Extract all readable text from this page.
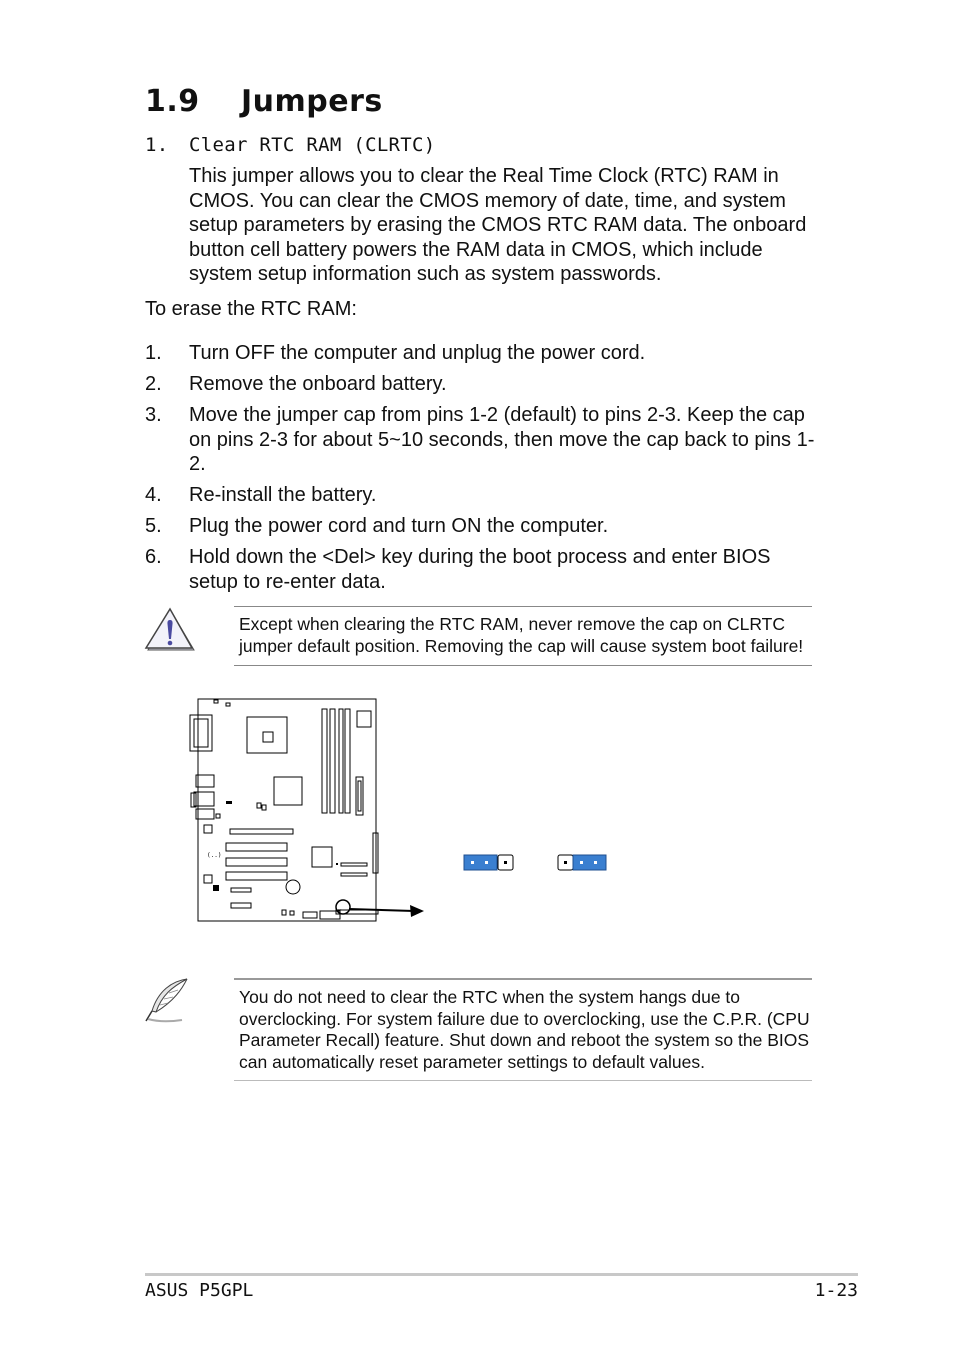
1.9 Jumpers
1. Clear RTC RAM (CLRTC)
This jumper allows you to clear the Real Time Clock (RTC) RAM in CMOS. You can clear the CMOS memory of date, time, and system setup parameters by erasing the CMOS RTC RAM data. The onboard button cell battery powers the RAM data in CMOS, which include system setup information such as system passwords.
To erase the RTC RAM:
1.	Turn OFF the computer and unplug the power cord.
2.	Remove the onboard battery.
3.	Move the jumper cap from pins 1-2 (default) to pins 2-3. Keep the cap on pins 2-3 for about 5~10 seconds, then move the cap back to pins 1-2.
4.	Re-install the battery.
5.	Plug the power cord and turn ON the computer.
6.	Hold down the <Del> key during the boot process and enter BIOS setup to re-enter data.
Except when clearing the RTC RAM, never remove the cap on CLRTC jumper default position. Removing the cap will cause system boot failure!
(..)
..
You do not need to clear the RTC when the system hangs due to overclocking. For system failure due to overclocking, use the C.P.R. (CPU Parameter Recall) feature. Shut down and reboot the system so the BIOS can automatically reset parameter settings to default values.
ASUS P5GPL	1-23
